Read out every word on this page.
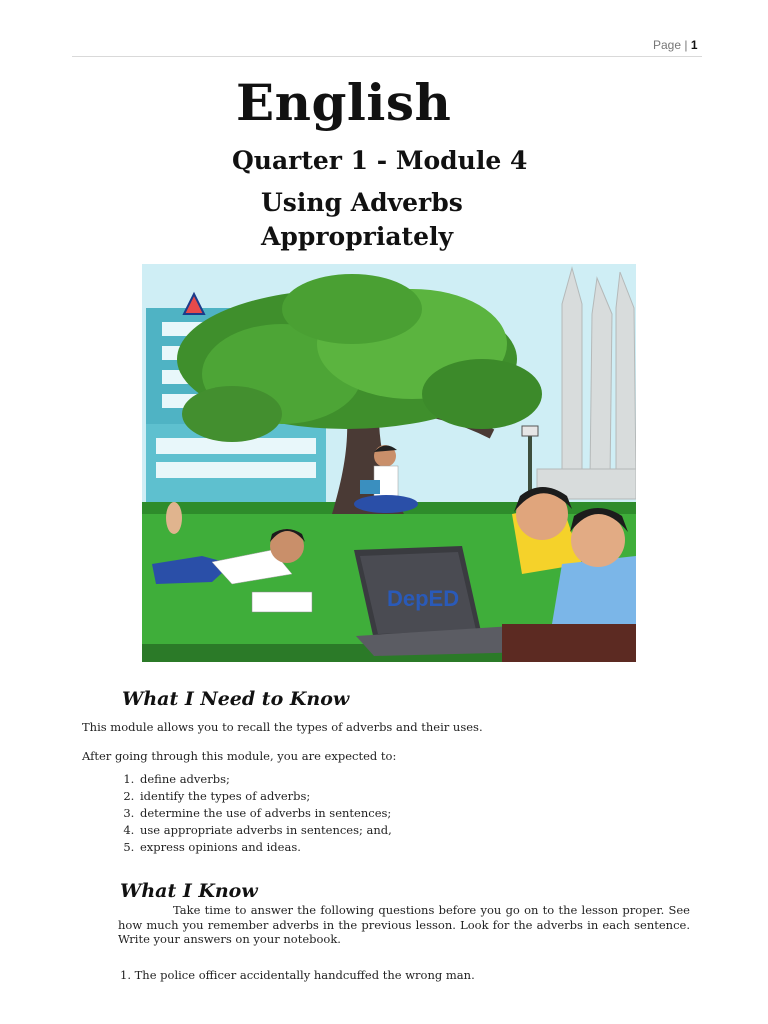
Page | 1
English
Quarter 1 - Module 4
Using Adverbs
Appropriately
DepED
What I Need to Know

This module allows you to recall the types of adverbs and their uses.

After going through this module, you are expected to:

1. define adverbs;
2. identify the types of adverbs;
3. determine the use of adverbs in sentences;
4. use appropriate adverbs in sentences; and,
5. express opinions and ideas.
What I Know

Take time to answer the following questions before you go on to the lesson proper. See how much you remember adverbs in the previous lesson. Look for the adverbs in each sentence. Write your answers on your notebook.

1. The police officer accidentally handcuffed the wrong man.
